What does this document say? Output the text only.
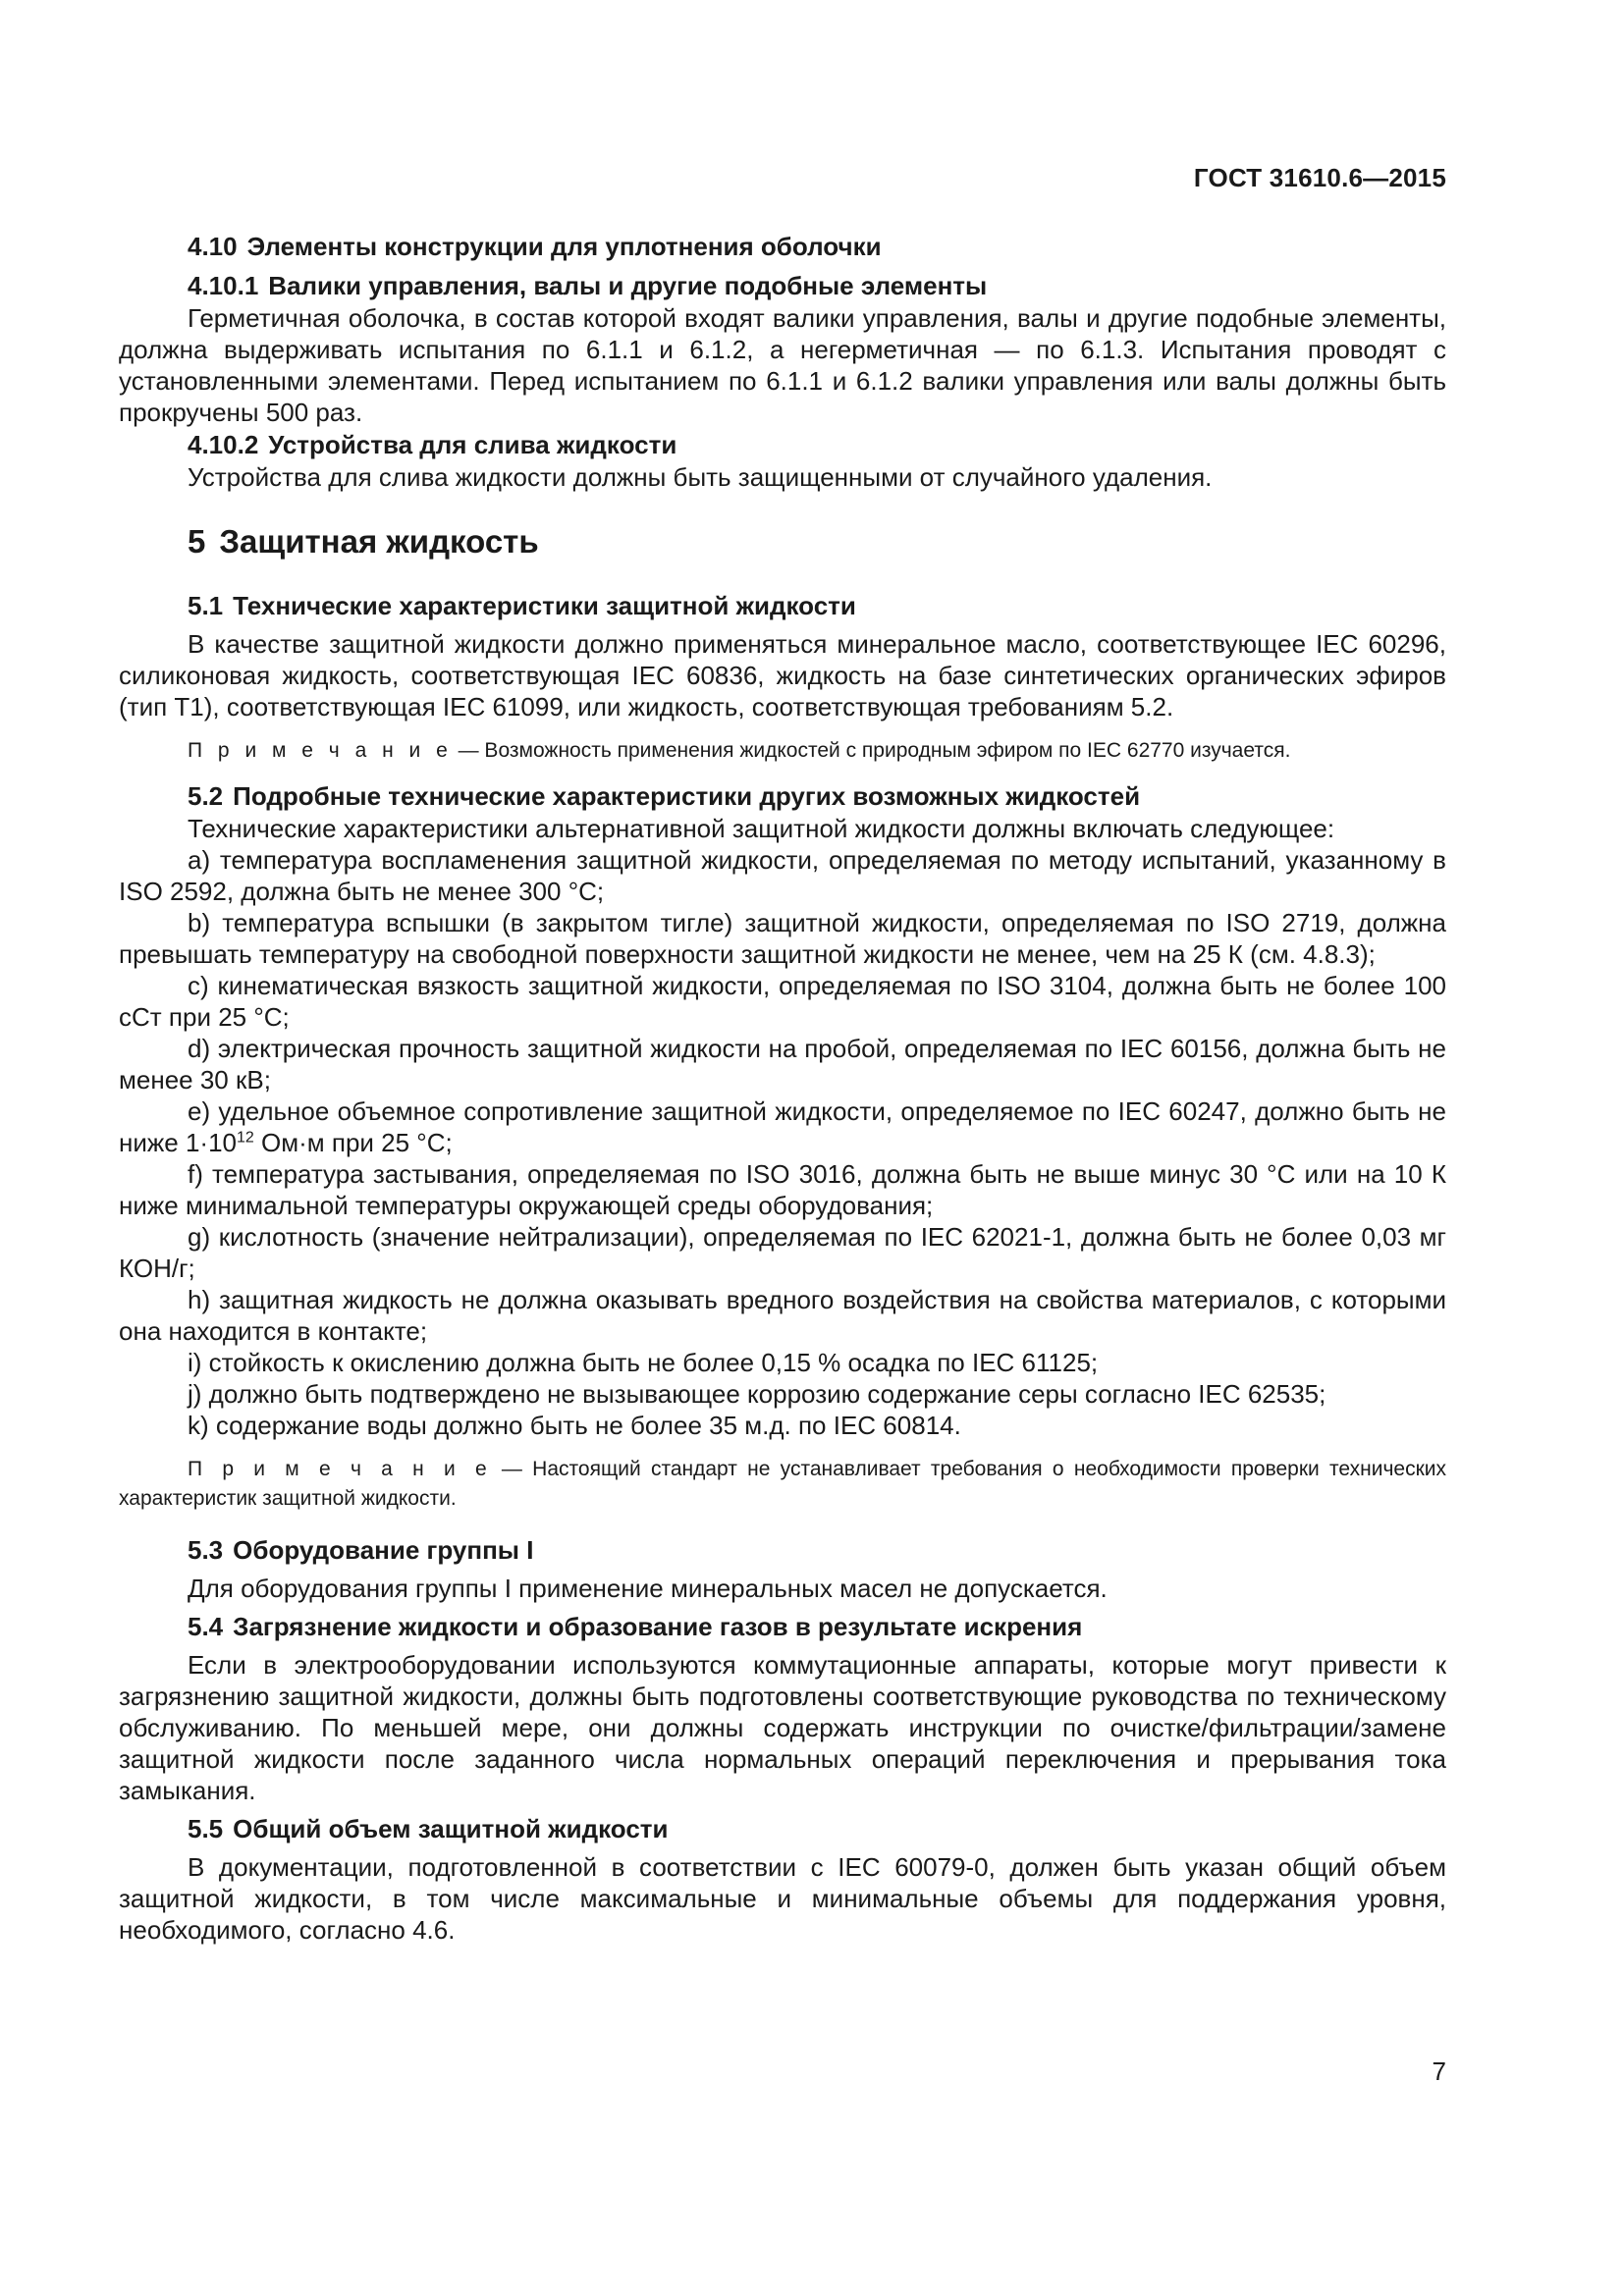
ГОСТ 31610.6—2015

4.10 Элементы конструкции для уплотнения оболочки

4.10.1 Валики управления, валы и другие подобные элементы

Герметичная оболочка, в состав которой входят валики управления, валы и другие подобные элементы, должна выдерживать испытания по 6.1.1 и 6.1.2, а негерметичная — по 6.1.3. Испытания проводят с установленными элементами. Перед испытанием по 6.1.1 и 6.1.2 валики управления или валы должны быть прокручены 500 раз.

4.10.2 Устройства для слива жидкости

Устройства для слива жидкости должны быть защищенными от случайного удаления.

5 Защитная жидкость

5.1 Технические характеристики защитной жидкости

В качестве защитной жидкости должно применяться минеральное масло, соответствующее IEC 60296, силиконовая жидкость, соответствующая IEC 60836, жидкость на базе синтетических органических эфиров (тип Т1), соответствующая IEC 61099, или жидкость, соответствующая требованиям 5.2.

П р и м е ч а н и е — Возможность применения жидкостей с природным эфиром по IEC 62770 изучается.

5.2 Подробные технические характеристики других возможных жидкостей

Технические характеристики альтернативной защитной жидкости должны включать следующее:

a) температура воспламенения защитной жидкости, определяемая по методу испытаний, указанному в ISO 2592, должна быть не менее 300 °С;

b) температура вспышки (в закрытом тигле) защитной жидкости, определяемая по ISO 2719, должна превышать температуру на свободной поверхности защитной жидкости не менее, чем на 25 К (см. 4.8.3);

c) кинематическая вязкость защитной жидкости, определяемая по ISO 3104, должна быть не более 100 сСт при 25 °С;

d) электрическая прочность защитной жидкости на пробой, определяемая по IEC 60156, должна быть не менее 30 кВ;

e) удельное объемное сопротивление защитной жидкости, определяемое по IEC 60247, должно быть не ниже $1\cdot 10^{12}$ Ом·м при 25 °С;

f) температура застывания, определяемая по ISO 3016, должна быть не выше минус 30 °С или на 10 К ниже минимальной температуры окружающей среды оборудования;

g) кислотность (значение нейтрализации), определяемая по IEC 62021-1, должна быть не более 0,03 мг КОН/г;

h) защитная жидкость не должна оказывать вредного воздействия на свойства материалов, с которыми она находится в контакте;

i) стойкость к окислению должна быть не более 0,15 % осадка по IEC 61125;

j) должно быть подтверждено не вызывающее коррозию содержание серы согласно IEC 62535;

k) содержание воды должно быть не более 35 м.д. по IEC 60814.

П р и м е ч а н и е — Настоящий стандарт не устанавливает требования о необходимости проверки технических характеристик защитной жидкости.

5.3 Оборудование группы I

Для оборудования группы I применение минеральных масел не допускается.

5.4 Загрязнение жидкости и образование газов в результате искрения

Если в электрооборудовании используются коммутационные аппараты, которые могут привести к загрязнению защитной жидкости, должны быть подготовлены соответствующие руководства по техническому обслуживанию. По меньшей мере, они должны содержать инструкции по очистке/фильтрации/замене защитной жидкости после заданного числа нормальных операций переключения и прерывания тока замыкания.

5.5 Общий объем защитной жидкости

В документации, подготовленной в соответствии с IEC 60079-0, должен быть указан общий объем защитной жидкости, в том числе максимальные и минимальные объемы для поддержания уровня, необходимого, согласно 4.6.

7
